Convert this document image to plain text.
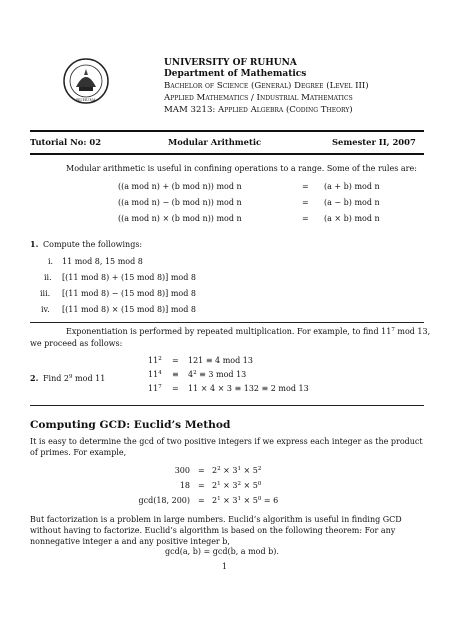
RUHUNA
UNIVERSITY OF RUHUNA
Department of Mathematics
Bachelor of Science (General) Degree (Level III)
Applied Mathematics / Industrial Mathematics
MAM 3213: Applied Algebra (Coding Theory)
Tutorial No: 02	Modular Arithmetic	Semester II, 2007
Modular arithmetic is useful in confining operations to a range. Some of the rules are:
((a mod n) + (b mod n)) mod n	= (a + b) mod n
((a mod n) − (b mod n)) mod n	= (a − b) mod n
((a mod n) × (b mod n)) mod n	= (a × b) mod n
1. Compute the followings:
i. 11 mod 8, 15 mod 8
ii. [(11 mod 8) + (15 mod 8)] mod 8
iii. [(11 mod 8) − (15 mod 8)] mod 8
iv. [(11 mod 8) × (15 mod 8)] mod 8
Exponentiation is performed by repeated multiplication. For example, to find $11^7$ mod 13,
we proceed as follows:
$11^2 = 121 \equiv 4$ mod 13
$11^4 \equiv 4^2 \equiv 3$ mod 13
$11^7 = 11 \times 4 \times 3 \equiv 132 \equiv 2$ mod 13
2. Find $2^9$ mod 11
Computing GCD: Euclid’s Method
It is easy to determine the gcd of two positive integers if we express each integer as the product of primes. For example,
$300 = 2^2 \times 3^1 \times 5^2$
$18 = 2^1 \times 3^2 \times 5^0$
gcd(18, $200) = 2^1 \times 3^1 \times 5^0 = 6$
But factorization is a problem in large numbers. Euclid’s algorithm is useful in finding GCD without having to factorize. Euclid’s algorithm is based on the following theorem: For any nonnegative integer a and any positive integer b,
gcd(a, b) = gcd(b, a mod b).
1
